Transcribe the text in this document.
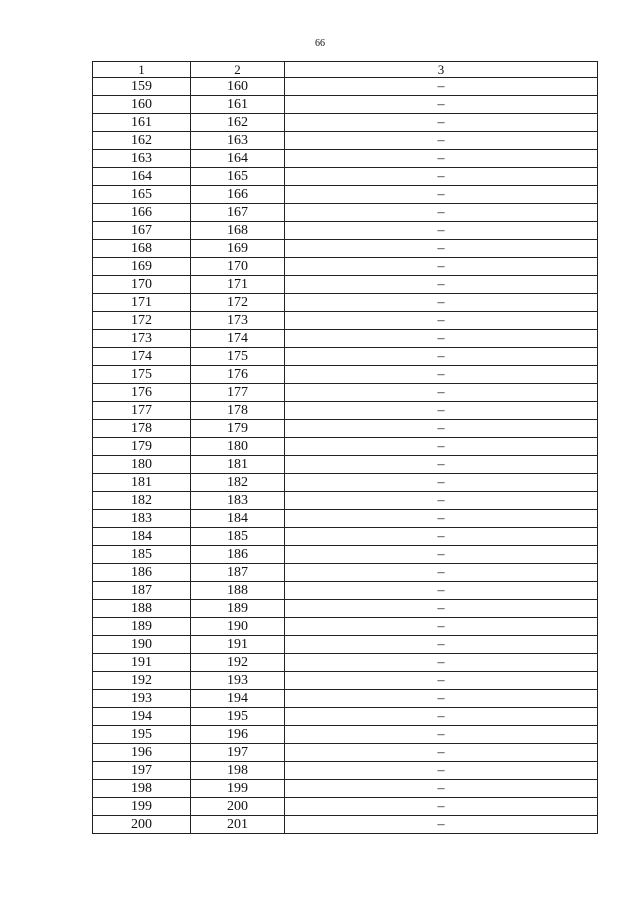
66
1	2	3
159	160	–
160	161	–
161	162	–
162	163	–
163	164	–
164	165	–
165	166	–
166	167	–
167	168	–
168	169	–
169	170	–
170	171	–
171	172	–
172	173	–
173	174	–
174	175	–
175	176	–
176	177	–
177	178	–
178	179	–
179	180	–
180	181	–
181	182	–
182	183	–
183	184	–
184	185	–
185	186	–
186	187	–
187	188	–
188	189	–
189	190	–
190	191	–
191	192	–
192	193	–
193	194	–
194	195	–
195	196	–
196	197	–
197	198	–
198	199	–
199	200	–
200	201	–
